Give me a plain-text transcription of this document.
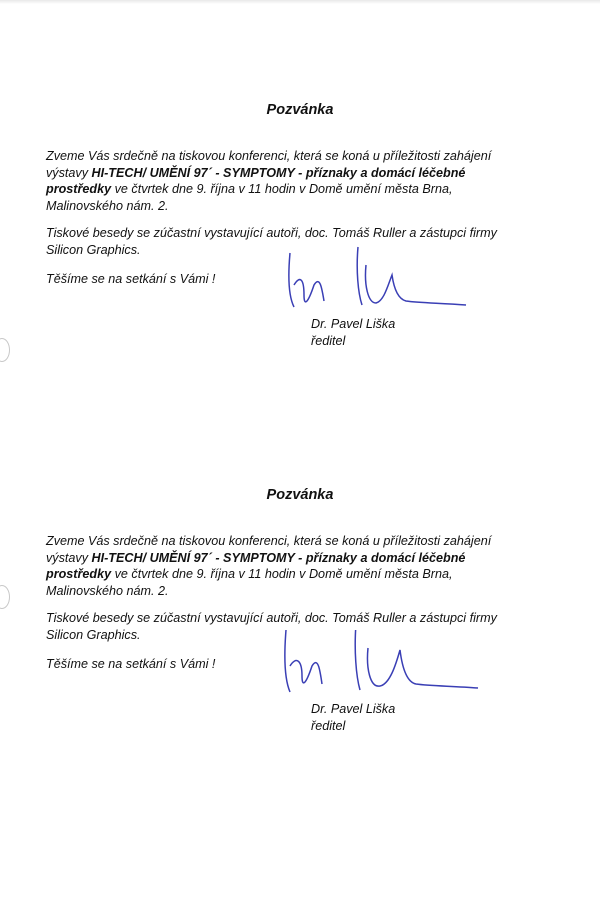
Pozvánka
Zveme Vás srdečně na tiskovou konferenci, která se koná u příležitosti zahájení
výstavy HI-TECH/ UMĚNÍ 97´ - SYMPTOMY - příznaky a domácí léčebné
prostředky ve čtvrtek dne 9. října v 11 hodin v Domě umění města Brna,
Malinovského nám. 2.
Tiskové besedy se zúčastní vystavující autoři, doc. Tomáš Ruller a zástupci firmy
Silicon Graphics.
Těšíme se na setkání s Vámi !
Dr. Pavel Liška
ředitel
Pozvánka
Zveme Vás srdečně na tiskovou konferenci, která se koná u příležitosti zahájení
výstavy HI-TECH/ UMĚNÍ 97´ - SYMPTOMY - příznaky a domácí léčebné
prostředky ve čtvrtek dne 9. října v 11 hodin v Domě umění města Brna,
Malinovského nám. 2.
Tiskové besedy se zúčastní vystavující autoři, doc. Tomáš Ruller a zástupci firmy
Silicon Graphics.
Těšíme se na setkání s Vámi !
Dr. Pavel Liška
ředitel
